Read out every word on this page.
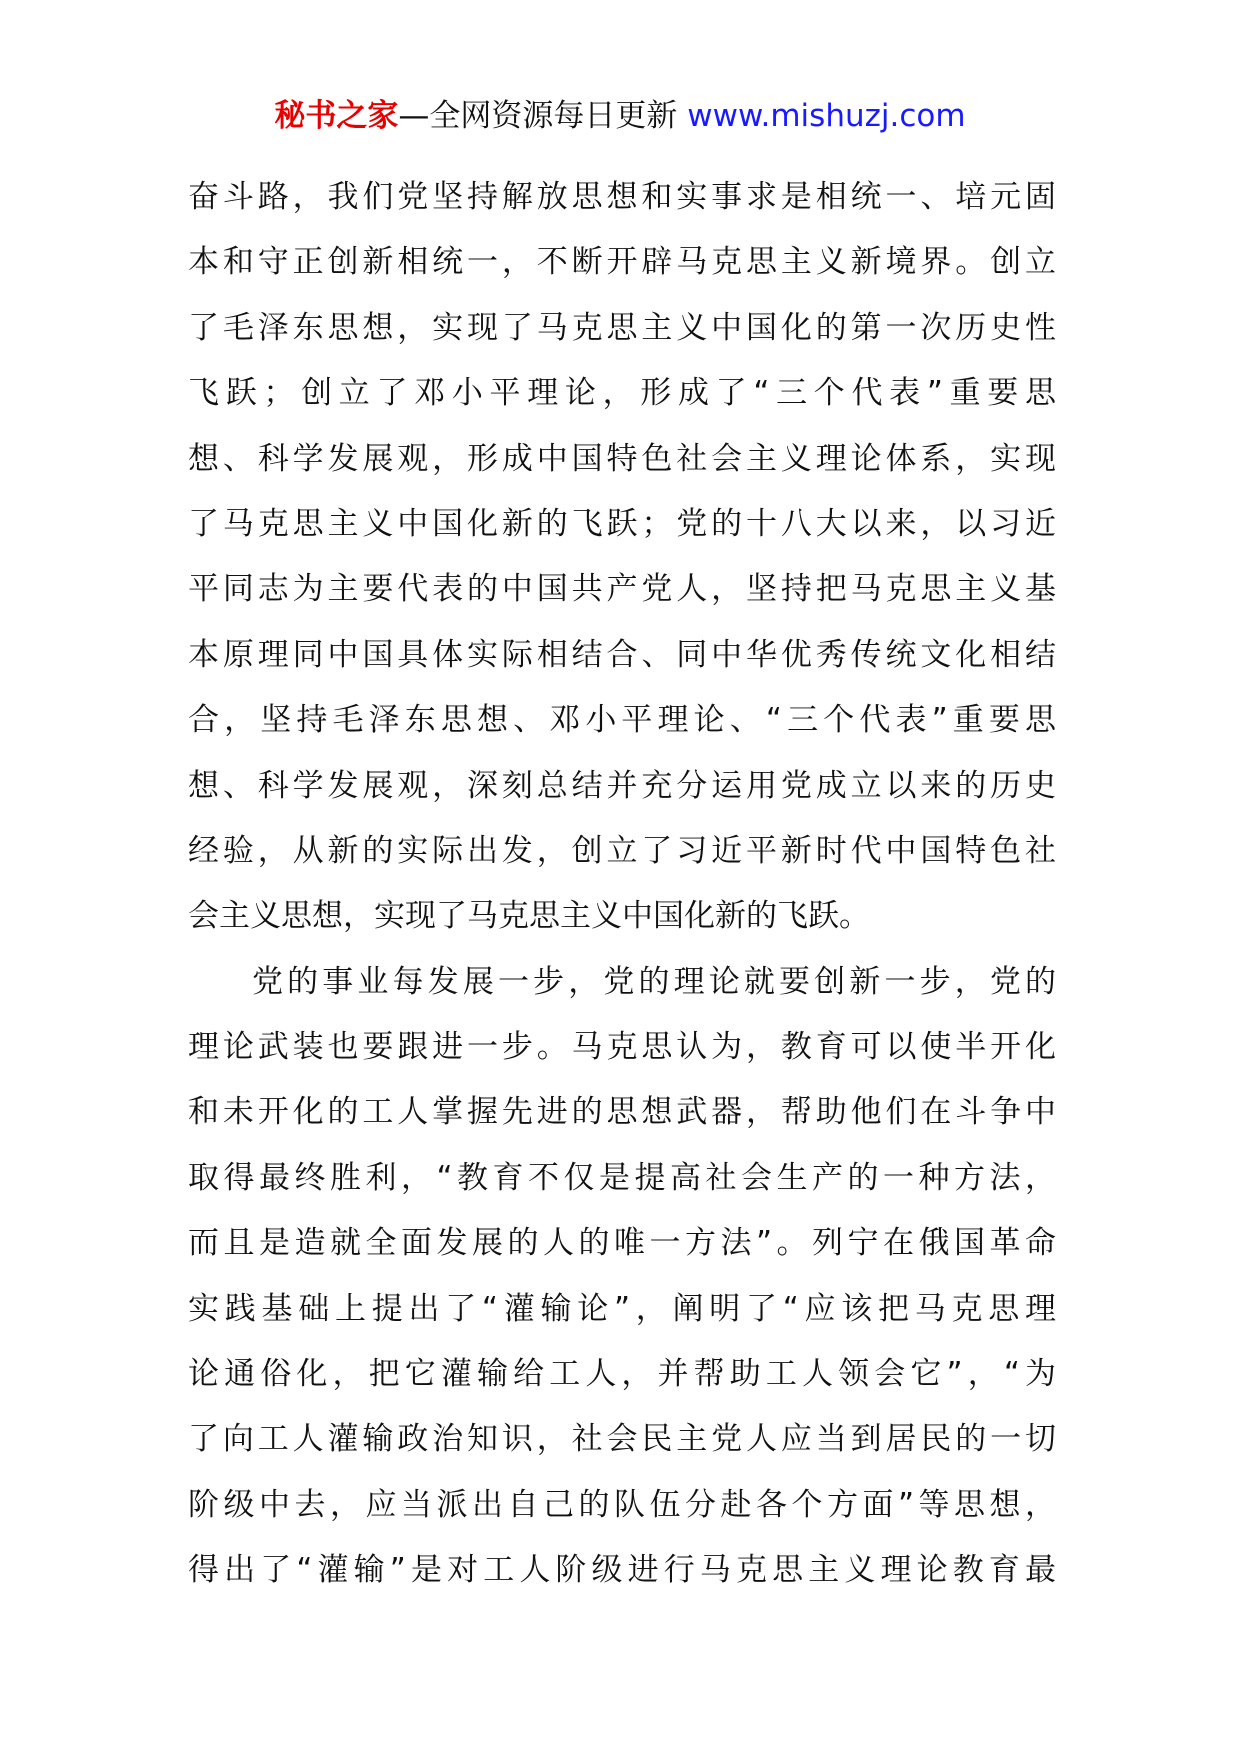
秘书之家—全网资源每日更新 www.mishuzj.com
奋斗路，我们党坚持解放思想和实事求是相统一、培元固
本和守正创新相统一，不断开辟马克思主义新境界。创立
了毛泽东思想，实现了马克思主义中国化的第一次历史性
飞跃；创立了邓小平理论，形成了“三个代表”重要思
想、科学发展观，形成中国特色社会主义理论体系，实现
了马克思主义中国化新的飞跃；党的十八大以来，以习近
平同志为主要代表的中国共产党人，坚持把马克思主义基
本原理同中国具体实际相结合、同中华优秀传统文化相结
合，坚持毛泽东思想、邓小平理论、“三个代表”重要思
想、科学发展观，深刻总结并充分运用党成立以来的历史
经验，从新的实际出发，创立了习近平新时代中国特色社
会主义思想，实现了马克思主义中国化新的飞跃。
党的事业每发展一步，党的理论就要创新一步，党的
理论武装也要跟进一步。马克思认为，教育可以使半开化
和未开化的工人掌握先进的思想武器，帮助他们在斗争中
取得最终胜利，“教育不仅是提高社会生产的一种方法，
而且是造就全面发展的人的唯一方法”。列宁在俄国革命
实践基础上提出了“灌输论”，阐明了“应该把马克思理
论通俗化，把它灌输给工人，并帮助工人领会它”，“为
了向工人灌输政治知识，社会民主党人应当到居民的一切
阶级中去，应当派出自己的队伍分赴各个方面”等思想，
得出了“灌输”是对工人阶级进行马克思主义理论教育最
